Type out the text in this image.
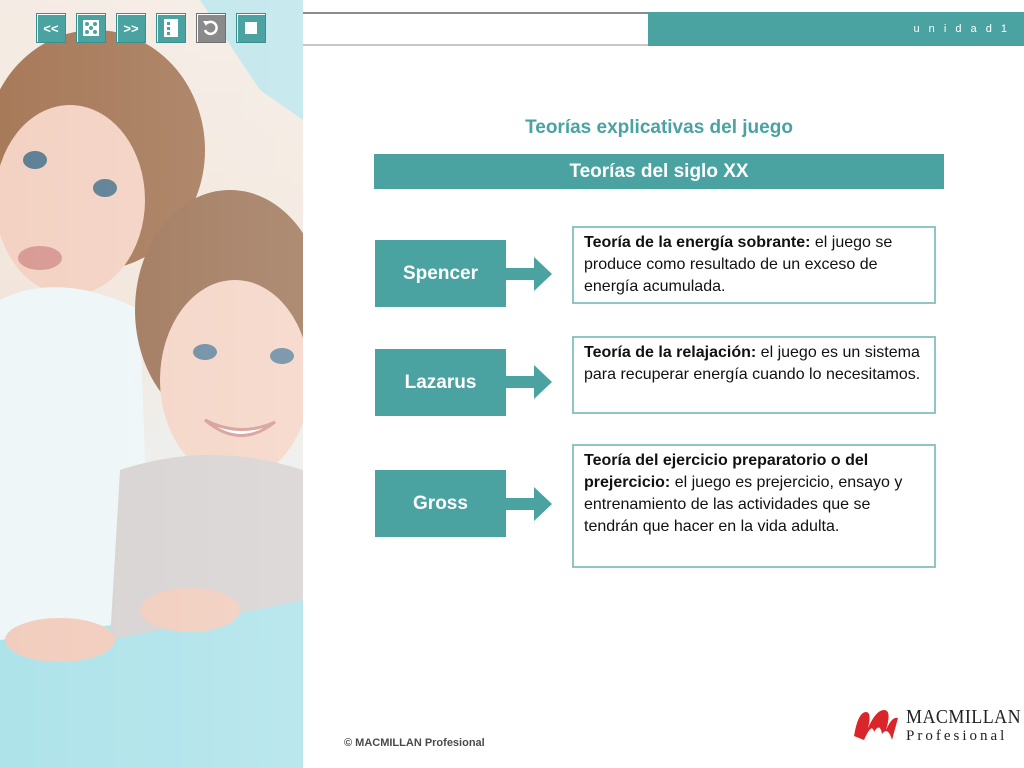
<<	>>	u n i d a d 1
Teorías explicativas del juego
Teorías del siglo XX
Spencer
Teoría de la energía sobrante: el juego se produce como resultado de un exceso de energía acumulada.
Lazarus
Teoría de la relajación: el juego es un sistema para recuperar energía cuando lo necesitamos.
Gross
Teoría del ejercicio preparatorio o del prejercicio: el juego es prejercicio, ensayo y entrenamiento de las actividades que se tendrán que hacer en la vida adulta.
© MACMILLAN Profesional
MACMILLAN
Profesional
